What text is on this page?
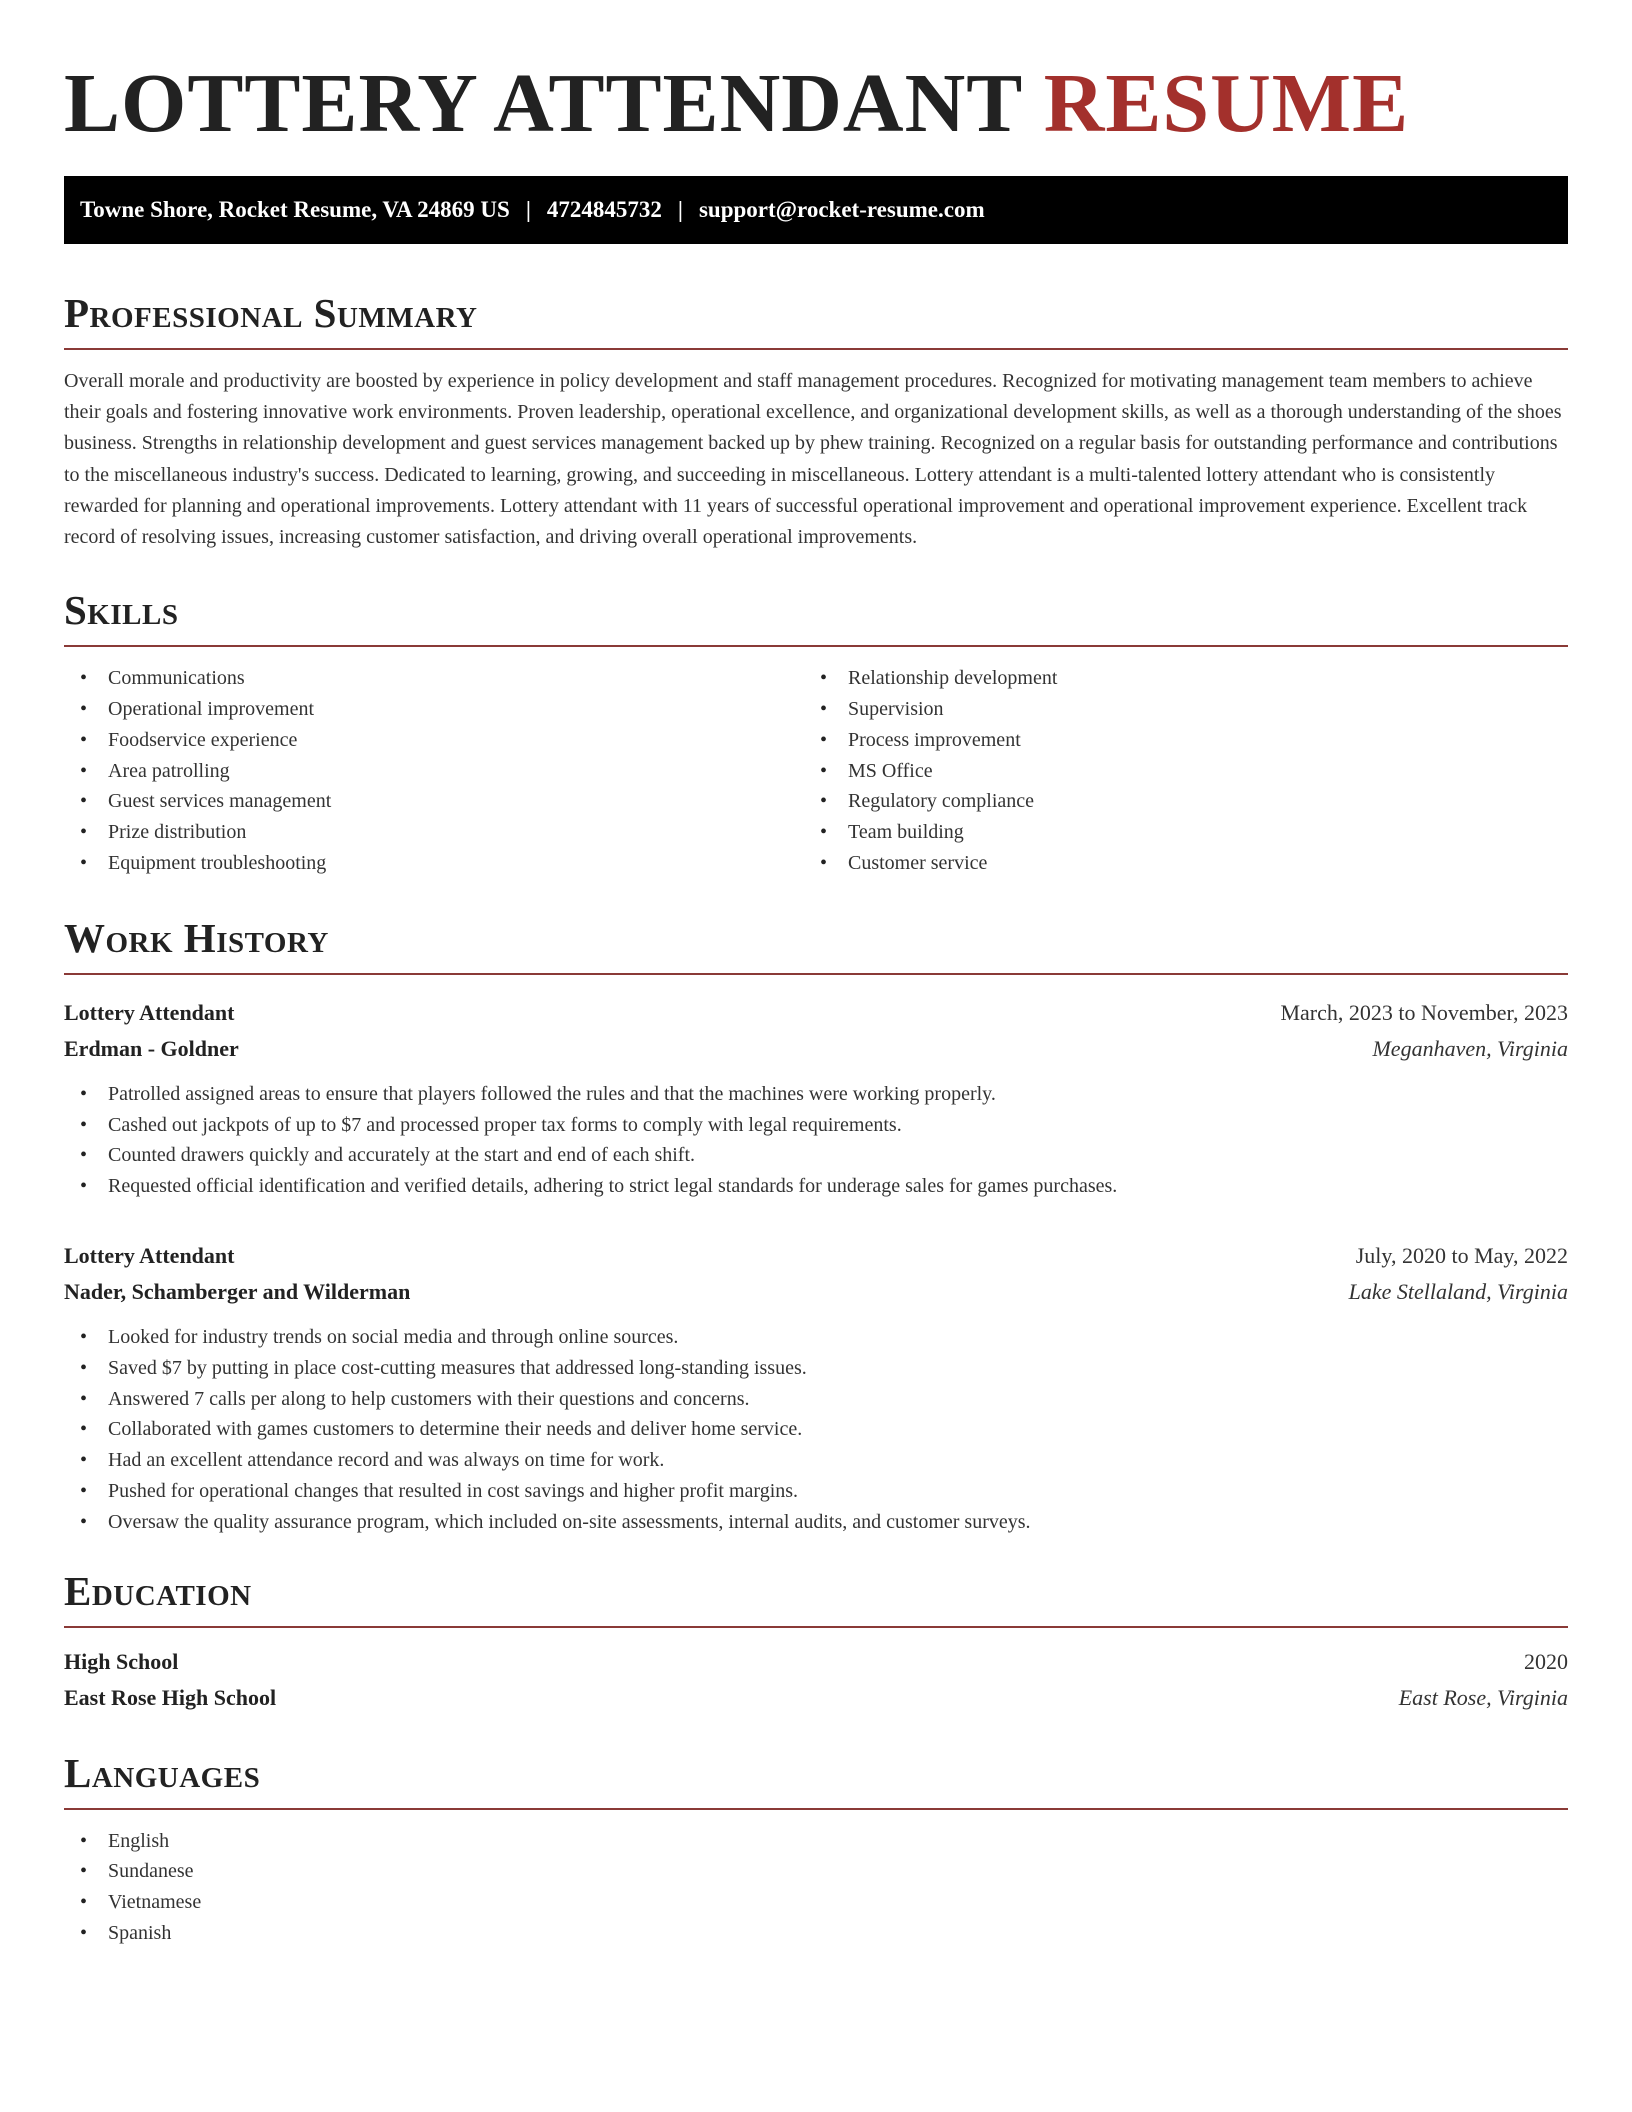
LOTTERY ATTENDANT RESUME
Towne Shore, Rocket Resume, VA 24869 US | 4724845732 | support@rocket-resume.com
Professional Summary

Overall morale and productivity are boosted by experience in policy development and staff management procedures. Recognized for motivating management team members to achieve their goals and fostering innovative work environments. Proven leadership, operational excellence, and organizational development skills, as well as a thorough understanding of the shoes business. Strengths in relationship development and guest services management backed up by phew training. Recognized on a regular basis for outstanding performance and contributions to the miscellaneous industry's success. Dedicated to learning, growing, and succeeding in miscellaneous. Lottery attendant is a multi-talented lottery attendant who is consistently rewarded for planning and operational improvements. Lottery attendant with 11 years of successful operational improvement and operational improvement experience. Excellent track record of resolving issues, increasing customer satisfaction, and driving overall operational improvements.

Skills
• Communications
• Operational improvement
• Foodservice experience
• Area patrolling
• Guest services management
• Prize distribution
• Equipment troubleshooting
• Relationship development
• Supervision
• Process improvement
• MS Office
• Regulatory compliance
• Team building
• Customer service
Work History
Lottery Attendant	March, 2023 to November, 2023
Erdman - Goldner	Meganhaven, Virginia
• Patrolled assigned areas to ensure that players followed the rules and that the machines were working properly.
• Cashed out jackpots of up to $7 and processed proper tax forms to comply with legal requirements.
• Counted drawers quickly and accurately at the start and end of each shift.
• Requested official identification and verified details, adhering to strict legal standards for underage sales for games purchases.
Lottery Attendant	July, 2020 to May, 2022
Nader, Schamberger and Wilderman	Lake Stellaland, Virginia
• Looked for industry trends on social media and through online sources.
• Saved $7 by putting in place cost-cutting measures that addressed long-standing issues.
• Answered 7 calls per along to help customers with their questions and concerns.
• Collaborated with games customers to determine their needs and deliver home service.
• Had an excellent attendance record and was always on time for work.
• Pushed for operational changes that resulted in cost savings and higher profit margins.
• Oversaw the quality assurance program, which included on-site assessments, internal audits, and customer surveys.
Education
High School	2020
East Rose High School	East Rose, Virginia
Languages
• English
• Sundanese
• Vietnamese
• Spanish
